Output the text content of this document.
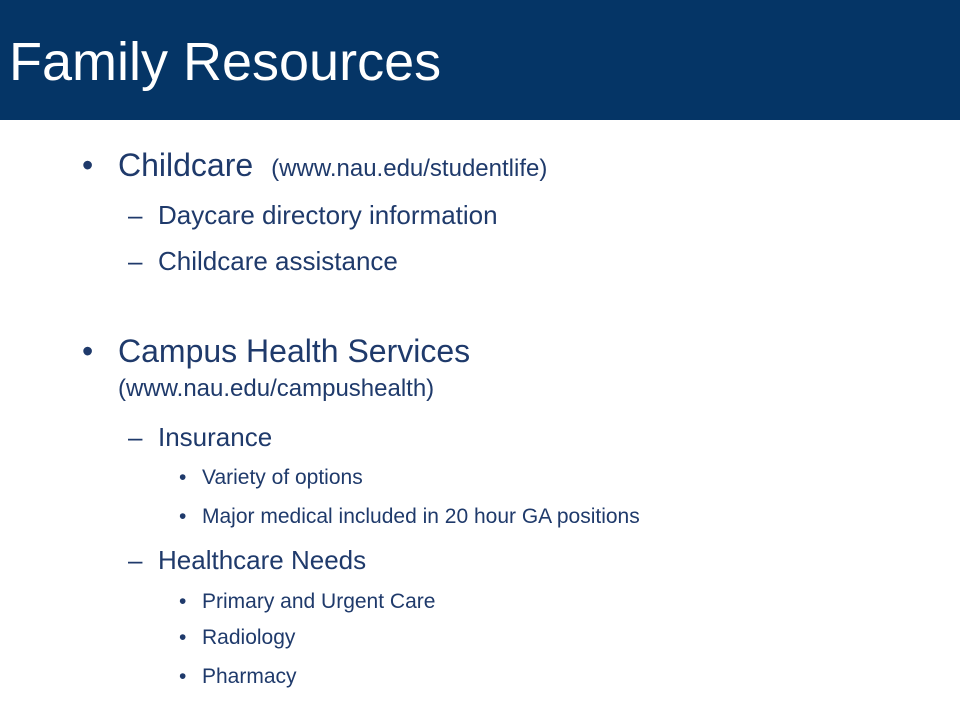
Family Resources
• Childcare (www.nau.edu/studentlife)
– Daycare directory information
– Childcare assistance
• Campus Health Services
(www.nau.edu/campushealth)
– Insurance
• Variety of options
• Major medical included in 20 hour GA positions
– Healthcare Needs
• Primary and Urgent Care
• Radiology
• Pharmacy
